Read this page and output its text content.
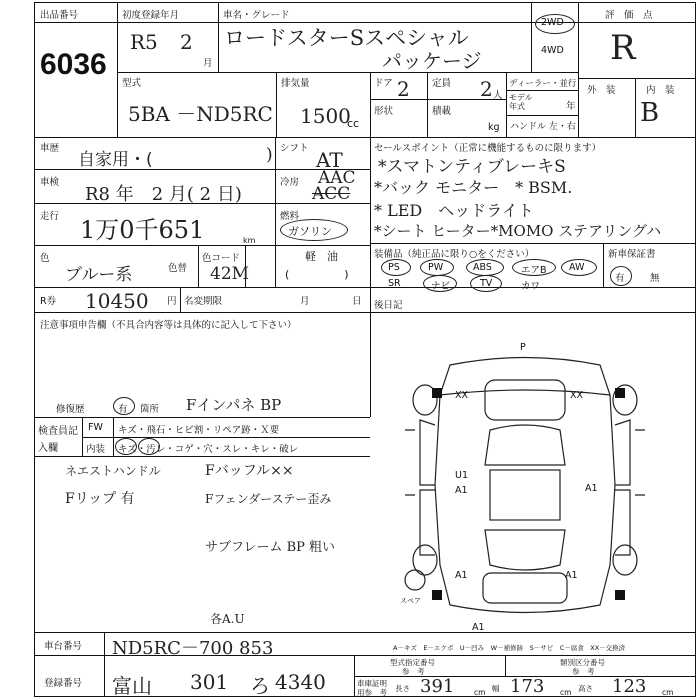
出品番号
6036
初度登録年月
R5 2
月
車名・グレード
ロードスターSスペシャル
パッケージ
2WD
4WD
評　価　点
R
外　装	内　装
B
型式
5BA －ND5RC
排気量
1500
cc
ドア 2 定員 2 人
ディーラー・並行
モデル年式	年
形状	積載
kg ハンドル 左・右
車歴
自家用・(	) シフト AT
車検
R8 年　2 月( 2 日)
冷房 AAC
ACC
走行 1万0千651	km
燃料
ガソリン
軽　油
(　　　　　)
色
ブルー系	色替
色コード
42M
R券 10450 円 名変期限	月	日
セールスポイント（正常に機能するものに限ります）
*スマトンティブレーキS
*バック モニター　* BSM.
* LED　ヘッドライト
*シート ヒーター*MOMO ステアリングハ
装備品（純正品に限り○をください）
PS	PW	ABS	エアB AW
SR	ナビ	TV	カワ
新車保証書
有	無
後日記
注意事項申告欄（不具合内容等は具体的に記入して下さい）
修復歴	有 箇所 Fインパネ BP
検査員記入欄
FW キズ・飛石・ヒビ割・リペア跡・Ｘ要
内装 キズ・汚レ・コゲ・穴・スレ・キレ・破レ
ネエストハンドル	Fバッフル××
Fリップ 有	Fフェンダーステー歪み
サブフレーム BP 粗い
各A.U
P
XX	XX
U1
A1	A1
A1	A1
A1
スペア
A－キズ　E－エクボ　U－凹み　W－補修跡　S－サビ　C－腐食　XX－交換済
車台番号 ND5RC－700 853
登録番号 富山 301 ろ 4340
型式指定番号
参　考
類別区分番号
参　考
車庫証明用参　考	長さ 391	cm 幅 173 cm 高さ 123 cm
